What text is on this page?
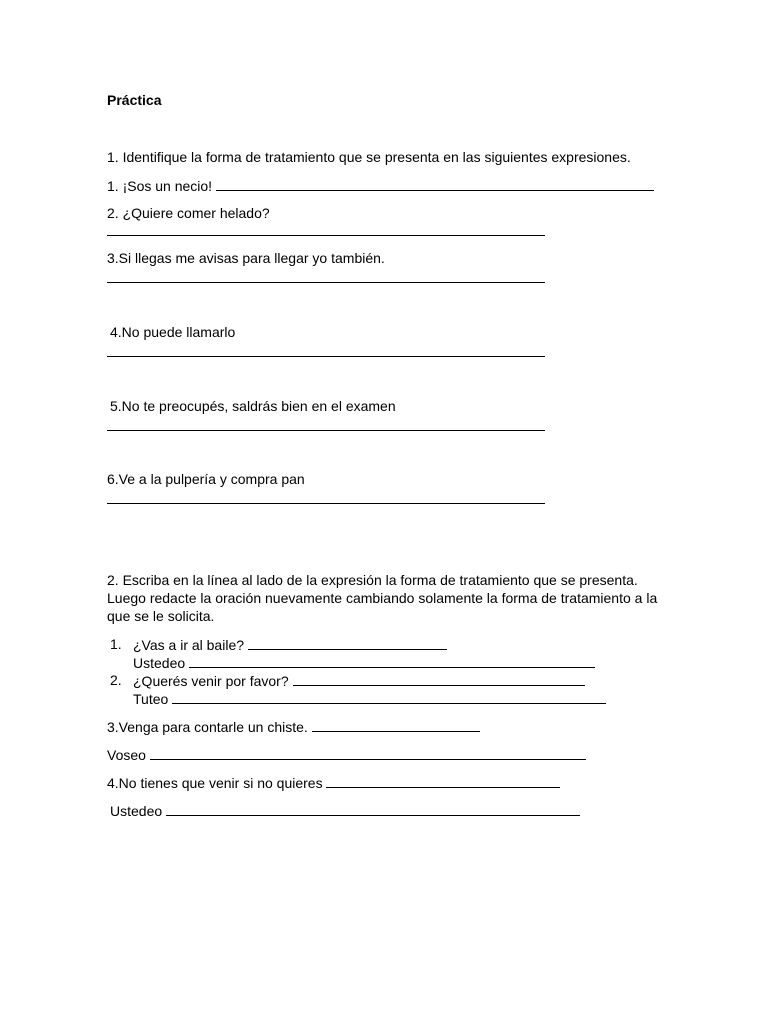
Práctica
1. Identifique la forma de tratamiento que se presenta en las siguientes expresiones.
1. ¡Sos un necio!
2. ¿Quiere comer helado?
3.Si llegas me avisas para llegar yo también.
4.No puede llamarlo
5.No te preocupés, saldrás bien en el examen
6.Ve a la pulpería y compra pan
2. Escriba en la línea al lado de la expresión la forma de tratamiento que se presenta.
Luego redacte la oración nuevamente cambiando solamente la forma de tratamiento a la
que se le solicita.
1. ¿Vas a ir al baile?
Ustedeo
2. ¿Querés venir por favor?
Tuteo
3.Venga para contarle un chiste.
Voseo
4.No tienes que venir si no quieres
Ustedeo
